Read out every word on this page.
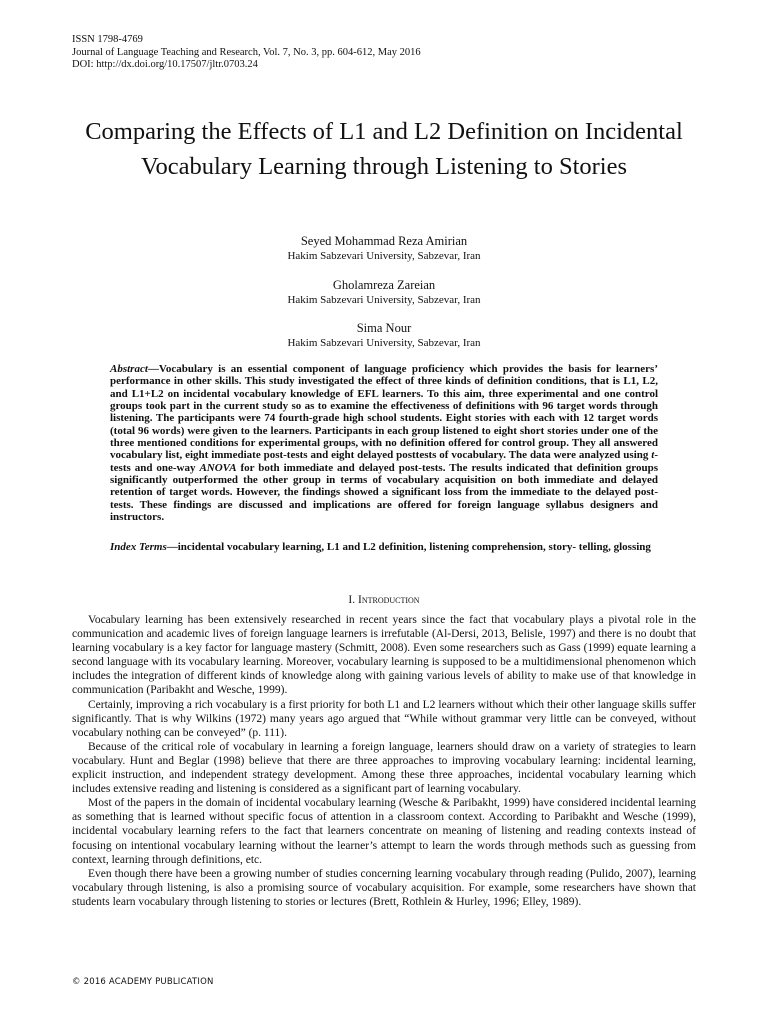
ISSN 1798-4769
Journal of Language Teaching and Research, Vol. 7, No. 3, pp. 604-612, May 2016
DOI: http://dx.doi.org/10.17507/jltr.0703.24
Comparing the Effects of L1 and L2 Definition on Incidental Vocabulary Learning through Listening to Stories
Seyed Mohammad Reza Amirian
Hakim Sabzevari University, Sabzevar, Iran
Gholamreza Zareian
Hakim Sabzevari University, Sabzevar, Iran
Sima Nour
Hakim Sabzevari University, Sabzevar, Iran
Abstract—Vocabulary is an essential component of language proficiency which provides the basis for learners’ performance in other skills. This study investigated the effect of three kinds of definition conditions, that is L1, L2, and L1+L2 on incidental vocabulary knowledge of EFL learners. To this aim, three experimental and one control groups took part in the current study so as to examine the effectiveness of definitions with 96 target words through listening. The participants were 74 fourth-grade high school students. Eight stories with each with 12 target words (total 96 words) were given to the learners. Participants in each group listened to eight short stories under one of the three mentioned conditions for experimental groups, with no definition offered for control group. They all answered vocabulary list, eight immediate post-tests and eight delayed posttests of vocabulary. The data were analyzed using t-tests and one-way ANOVA for both immediate and delayed post-tests. The results indicated that definition groups significantly outperformed the other group in terms of vocabulary acquisition on both immediate and delayed retention of target words. However, the findings showed a significant loss from the immediate to the delayed post-tests. These findings are discussed and implications are offered for foreign language syllabus designers and instructors.
Index Terms—incidental vocabulary learning, L1 and L2 definition, listening comprehension, story- telling, glossing
I. Introduction

Vocabulary learning has been extensively researched in recent years since the fact that vocabulary plays a pivotal role in the communication and academic lives of foreign language learners is irrefutable (Al-Dersi, 2013, Belisle, 1997) and there is no doubt that learning vocabulary is a key factor for language mastery (Schmitt, 2008). Even some researchers such as Gass (1999) equate learning a second language with its vocabulary learning. Moreover, vocabulary learning is supposed to be a multidimensional phenomenon which includes the integration of different kinds of knowledge along with gaining various levels of ability to make use of that knowledge in communication (Paribakht and Wesche, 1999).

Certainly, improving a rich vocabulary is a first priority for both L1 and L2 learners without which their other language skills suffer significantly. That is why Wilkins (1972) many years ago argued that “While without grammar very little can be conveyed, without vocabulary nothing can be conveyed” (p. 111).

Because of the critical role of vocabulary in learning a foreign language, learners should draw on a variety of strategies to learn vocabulary. Hunt and Beglar (1998) believe that there are three approaches to improving vocabulary learning: incidental learning, explicit instruction, and independent strategy development. Among these three approaches, incidental vocabulary learning which includes extensive reading and listening is considered as a significant part of learning vocabulary.

Most of the papers in the domain of incidental vocabulary learning (Wesche & Paribakht, 1999) have considered incidental learning as something that is learned without specific focus of attention in a classroom context. According to Paribakht and Wesche (1999), incidental vocabulary learning refers to the fact that learners concentrate on meaning of listening and reading contexts instead of focusing on intentional vocabulary learning without the learner’s attempt to learn the words through methods such as guessing from context, learning through definitions, etc.

Even though there have been a growing number of studies concerning learning vocabulary through reading (Pulido, 2007), learning vocabulary through listening, is also a promising source of vocabulary acquisition. For example, some researchers have shown that students learn vocabulary through listening to stories or lectures (Brett, Rothlein & Hurley, 1996; Elley, 1989).

© 2016 ACADEMY PUBLICATION
